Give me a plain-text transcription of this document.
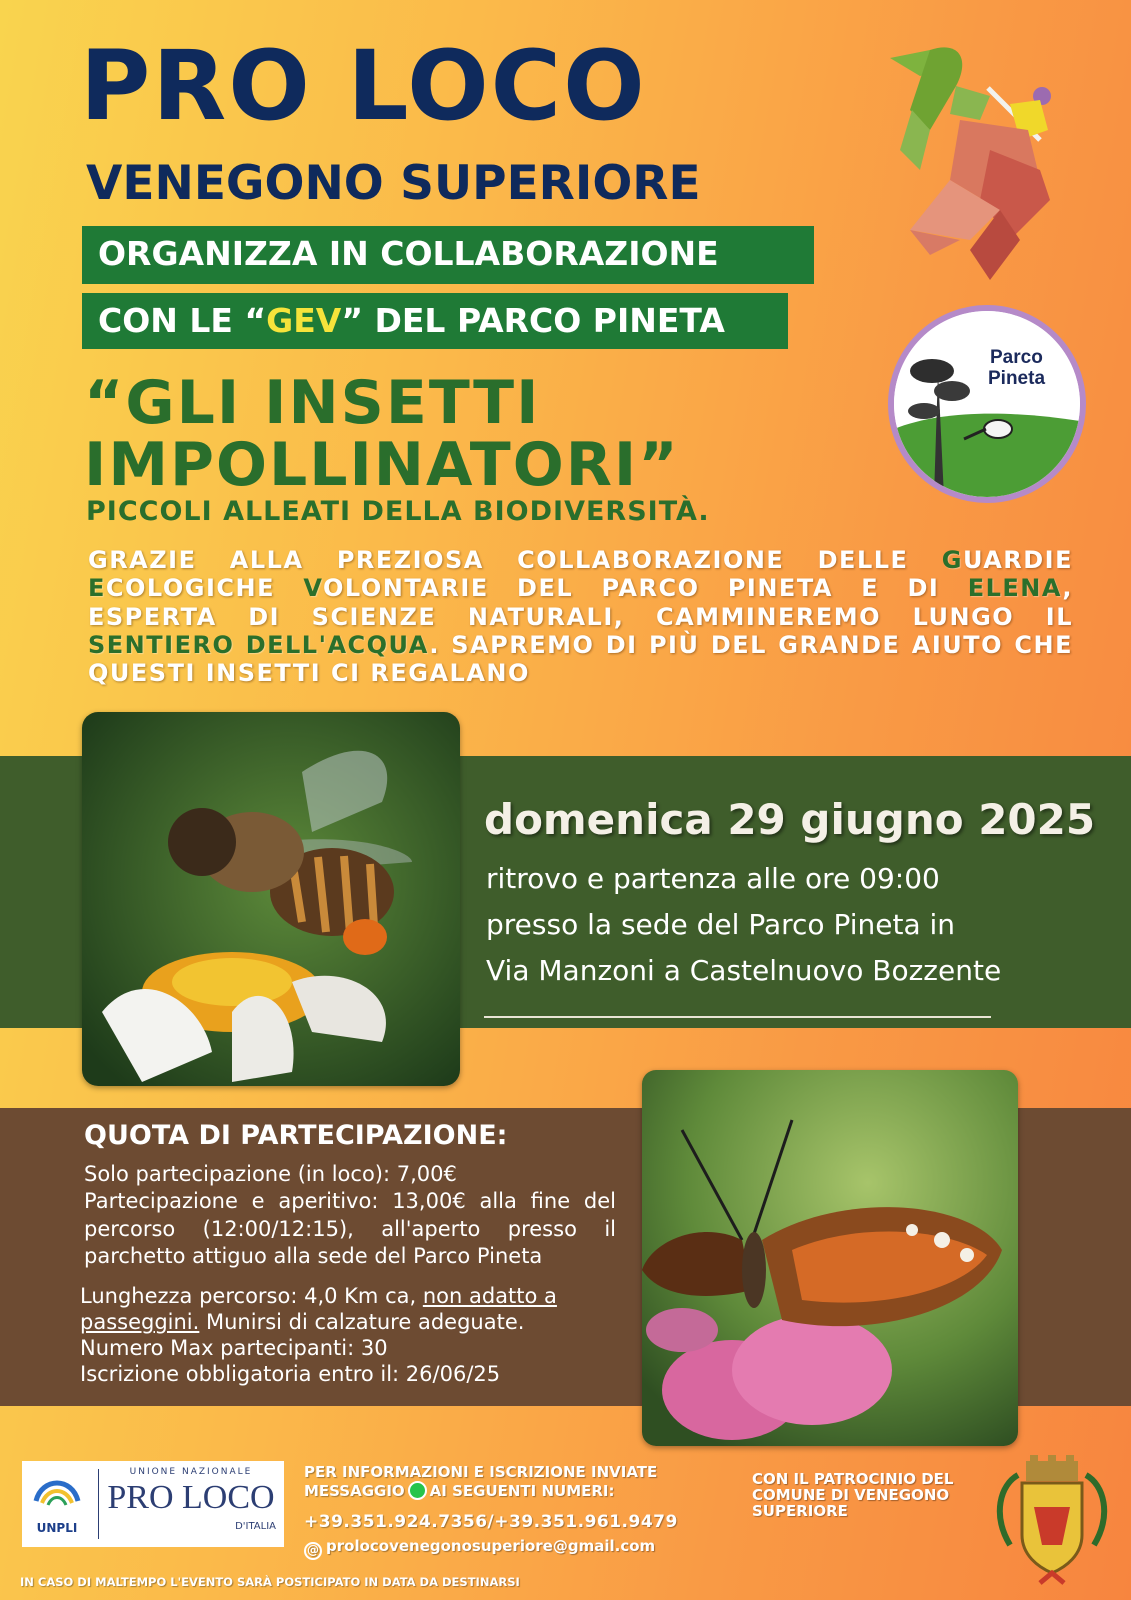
PRO LOCO
VENEGONO SUPERIORE
ORGANIZZA IN COLLABORAZIONE
CON LE “GEV” DEL PARCO PINETA
Parco
Pineta
“GLI INSETTI
IMPOLLINATORI”
PICCOLI ALLEATI DELLA BIODIVERSITÀ.
GRAZIE ALLA PREZIOSA COLLABORAZIONE DELLE GUARDIE ECOLOGICHE VOLONTARIE DEL PARCO PINETA E DI ELENA, ESPERTA DI SCIENZE NATURALI, CAMMINEREMO LUNGO IL SENTIERO DELL'ACQUA. SAPREMO DI PIÙ DEL GRANDE AIUTO CHE QUESTI INSETTI CI REGALANO
domenica 29 giugno 2025
ritrovo e partenza alle ore 09:00
presso la sede del Parco Pineta in
Via Manzoni a Castelnuovo Bozzente
QUOTA DI PARTECIPAZIONE:
Solo partecipazione (in loco): 7,00€
Partecipazione e aperitivo: 13,00€ alla fine del percorso (12:00/12:15), all'aperto presso il parchetto attiguo alla sede del Parco Pineta
Lunghezza percorso: 4,0 Km ca, non adatto a passeggini. Munirsi di calzature adeguate.
Numero Max partecipanti: 30
Iscrizione obbligatoria entro il: 26/06/25
UNPLI
UNIONE NAZIONALE
PRO LOCO
D'ITALIA
PER INFORMAZIONI E ISCRIZIONE INVIATE
MESSAGGIO AI SEGUENTI NUMERI:
+39.351.924.7356/+39.351.961.9479
@ prolocovenegonosuperiore@gmail.com
CON IL PATROCINIO DEL COMUNE DI VENEGONO SUPERIORE
IN CASO DI MALTEMPO L'EVENTO SARÀ POSTICIPATO IN DATA DA DESTINARSI
